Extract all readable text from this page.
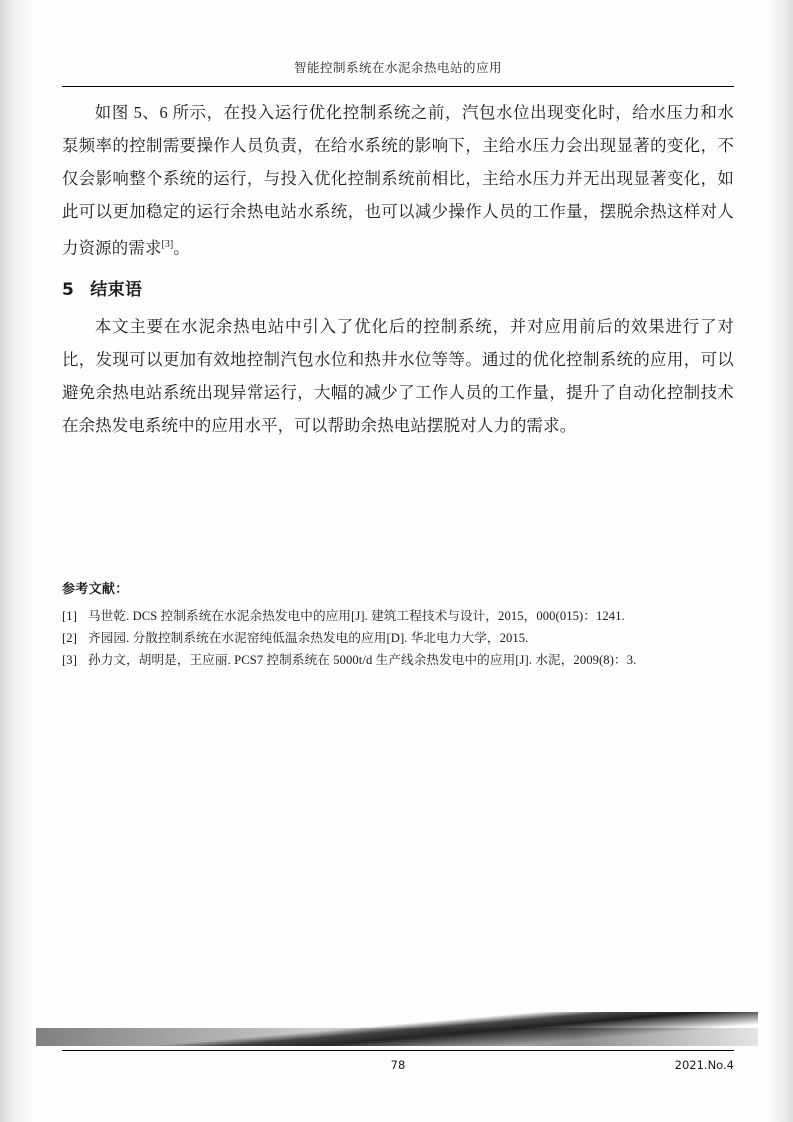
智能控制系统在水泥余热电站的应用

如图 5、6 所示，在投入运行优化控制系统之前，汽包水位出现变化时，给水压力和水泵频率的控制需要操作人员负责，在给水系统的影响下，主给水压力会出现显著的变化，不仅会影响整个系统的运行，与投入优化控制系统前相比，主给水压力并无出现显著变化，如此可以更加稳定的运行余热电站水系统，也可以减少操作人员的工作量，摆脱余热这样对人力资源的需求[3]。

5 结束语

本文主要在水泥余热电站中引入了优化后的控制系统，并对应用前后的效果进行了对比，发现可以更加有效地控制汽包水位和热井水位等等。通过的优化控制系统的应用，可以避免余热电站系统出现异常运行，大幅的减少了工作人员的工作量，提升了自动化控制技术在余热发电系统中的应用水平，可以帮助余热电站摆脱对人力的需求。

参考文献：
[1] 马世乾. DCS 控制系统在水泥余热发电中的应用[J]. 建筑工程技术与设计，2015，000(015)：1241.
[2] 齐园园. 分散控制系统在水泥窑纯低温余热发电的应用[D]. 华北电力大学，2015.
[3] 孙力文，胡明是，王应丽. PCS7 控制系统在 5000t/d 生产线余热发电中的应用[J]. 水泥，2009(8)：3.
78	2021.No.4
